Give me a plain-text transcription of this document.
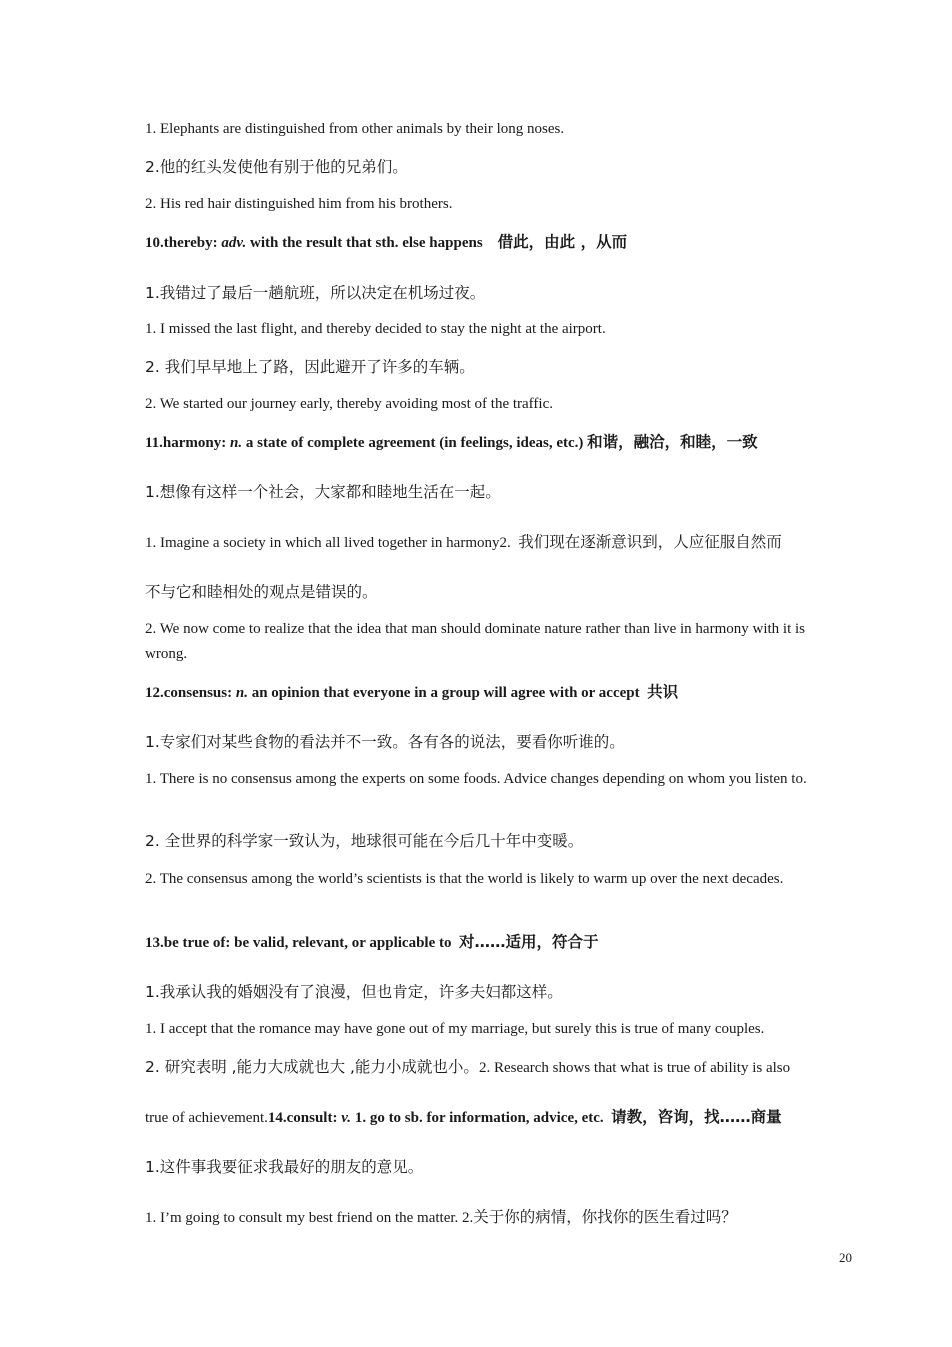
1. Elephants are distinguished from other animals by their long noses.
2.他的红头发使他有别于他的兄弟们。
2. His red hair distinguished him from his brothers.
10.thereby: adv. with the result that sth. else happens 借此，由此 ，从而
1.我错过了最后一趟航班，所以决定在机场过夜。
1. I missed the last flight, and thereby decided to stay the night at the airport.
2. 我们早早地上了路，因此避开了许多的车辆。
2. We started our journey early, thereby avoiding most of the traffic.
11.harmony: n. a state of complete agreement (in feelings, ideas, etc.) 和谐，融洽，和睦，一致
1.想像有这样一个社会，大家都和睦地生活在一起。
1. Imagine a society in which all lived together in harmony2. 我们现在逐渐意识到，人应征服自然而
不与它和睦相处的观点是错误的。
2. We now come to realize that the idea that man should dominate nature rather than live in harmony with it is wrong.
12.consensus: n. an opinion that everyone in a group will agree with or accept 共识
1.专家们对某些食物的看法并不一致。各有各的说法，要看你听谁的。
1. There is no consensus among the experts on some foods. Advice changes depending on whom you listen to.
2. 全世界的科学家一致认为，地球很可能在今后几十年中变暖。
2. The consensus among the world’s scientists is that the world is likely to warm up over the next decades.
13.be true of: be valid, relevant, or applicable to 对……适用，符合于
1.我承认我的婚姻没有了浪漫，但也肯定，许多夫妇都这样。
1. I accept that the romance may have gone out of my marriage, but surely this is true of many couples.
2. 研究表明 ,能力大成就也大 ,能力小成就也小。2. Research shows that what is true of ability is also
true of achievement.14.consult: v. 1. go to sb. for information, advice, etc. 请教，咨询，找……商量
1.这件事我要征求我最好的朋友的意见。
1. I’m going to consult my best friend on the matter. 2.关于你的病情，你找你的医生看过吗？
20
